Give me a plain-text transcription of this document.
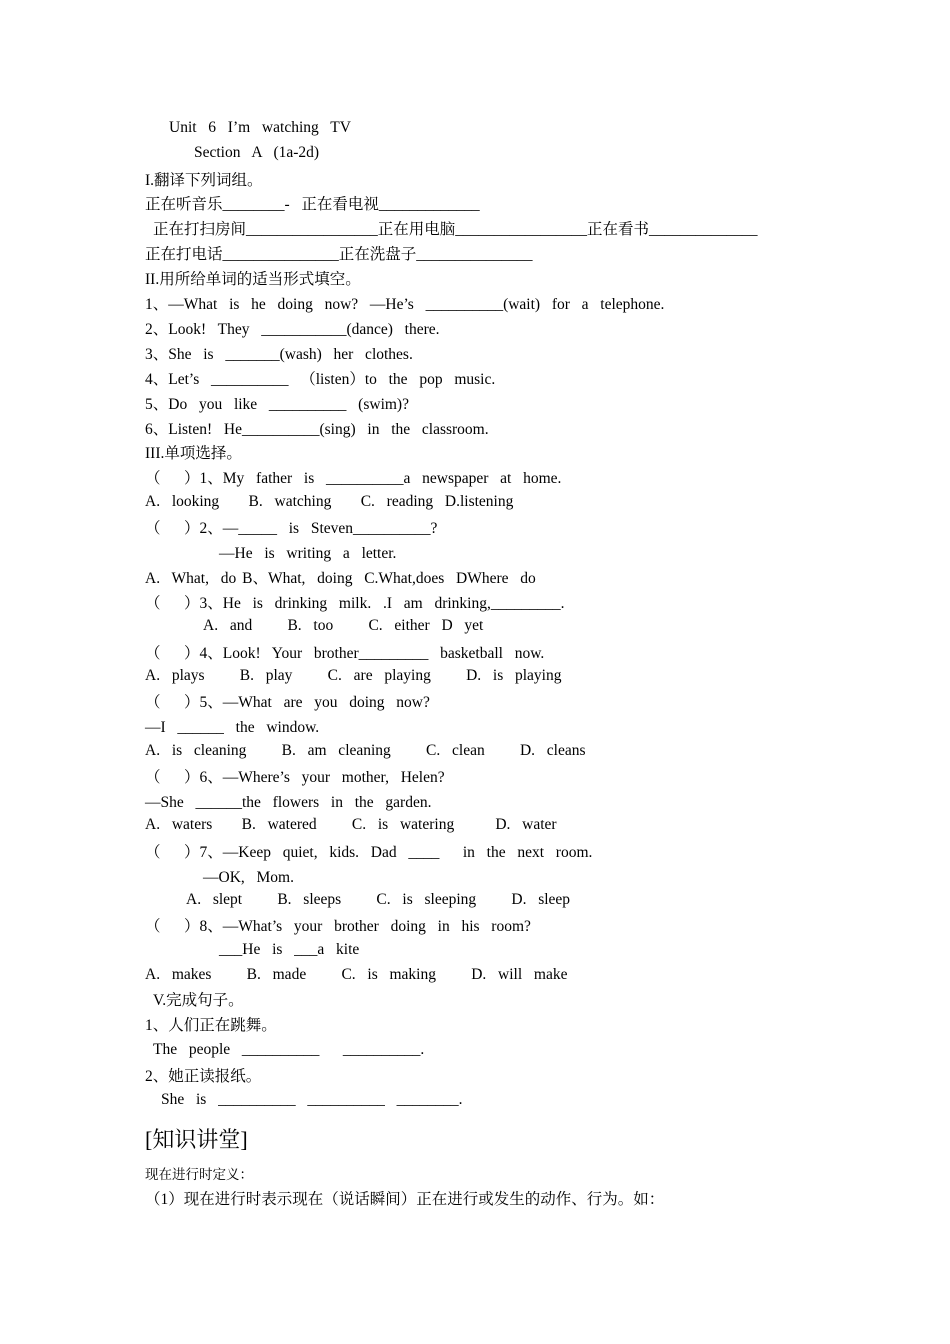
Unit  6  I’m  watching  TV
Section  A  (1a-2d)
I.翻译下列词组。
正在听音乐________-  正在看电视_____________
正在打扫房间_________________正在用电脑_________________正在看书______________
正在打电话_______________正在洗盘子_______________
II.用所给单词的适当形式填空。
1、—What  is  he  doing  now?  —He’s  __________(wait)  for  a  telephone.
2、Look!  They  ___________(dance)  there.
3、She  is  _______(wash)  her  clothes.
4、Let’s  __________  （listen）to  the  pop  music.
5、Do  you  like  __________  (swim)?
6、Listen!  He__________(sing)  in  the  classroom.
III.单项选择。
（    ）1、My  father  is  __________a  newspaper  at  home.
A.  looking     B.  watching     C.  reading  D.listening
（    ）2、—_____  is  Steven__________?
—He  is  writing  a  letter.
A.  What,  do B、What,  doing  C.What,does  DWhere  do
（    ）3、He  is  drinking  milk.  .I  am  drinking,_________.
A.  and      B.  too      C.  either  D  yet
（    ）4、Look!  Your  brother_________  basketball  now.
A.  plays      B.  play      C.  are  playing      D.  is  playing
（    ）5、—What  are  you  doing  now?
—I  ______  the  window.
A.  is  cleaning      B.  am  cleaning      C.  clean      D.  cleans
（    ）6、—Where’s  your  mother,  Helen?
—She  ______the  flowers  in  the  garden.
A.  waters     B.  watered      C.  is  watering       D.  water
（    ）7、—Keep  quiet,  kids.  Dad  ____    in  the  next  room.
—OK,  Mom.
A.  slept      B.  sleeps      C.  is  sleeping      D.  sleep
（    ）8、—What’s  your  brother  doing  in  his  room?
___He  is  ___a  kite
A.  makes      B.  made      C.  is  making      D.  will  make
V.完成句子。
1、人们正在跳舞。
The  people  __________    __________.
2、她正读报纸。
She  is  __________  __________  ________.
[知识讲堂]
现在进行时定义：
（1）现在进行时表示现在（说话瞬间）正在进行或发生的动作、行为。如：
